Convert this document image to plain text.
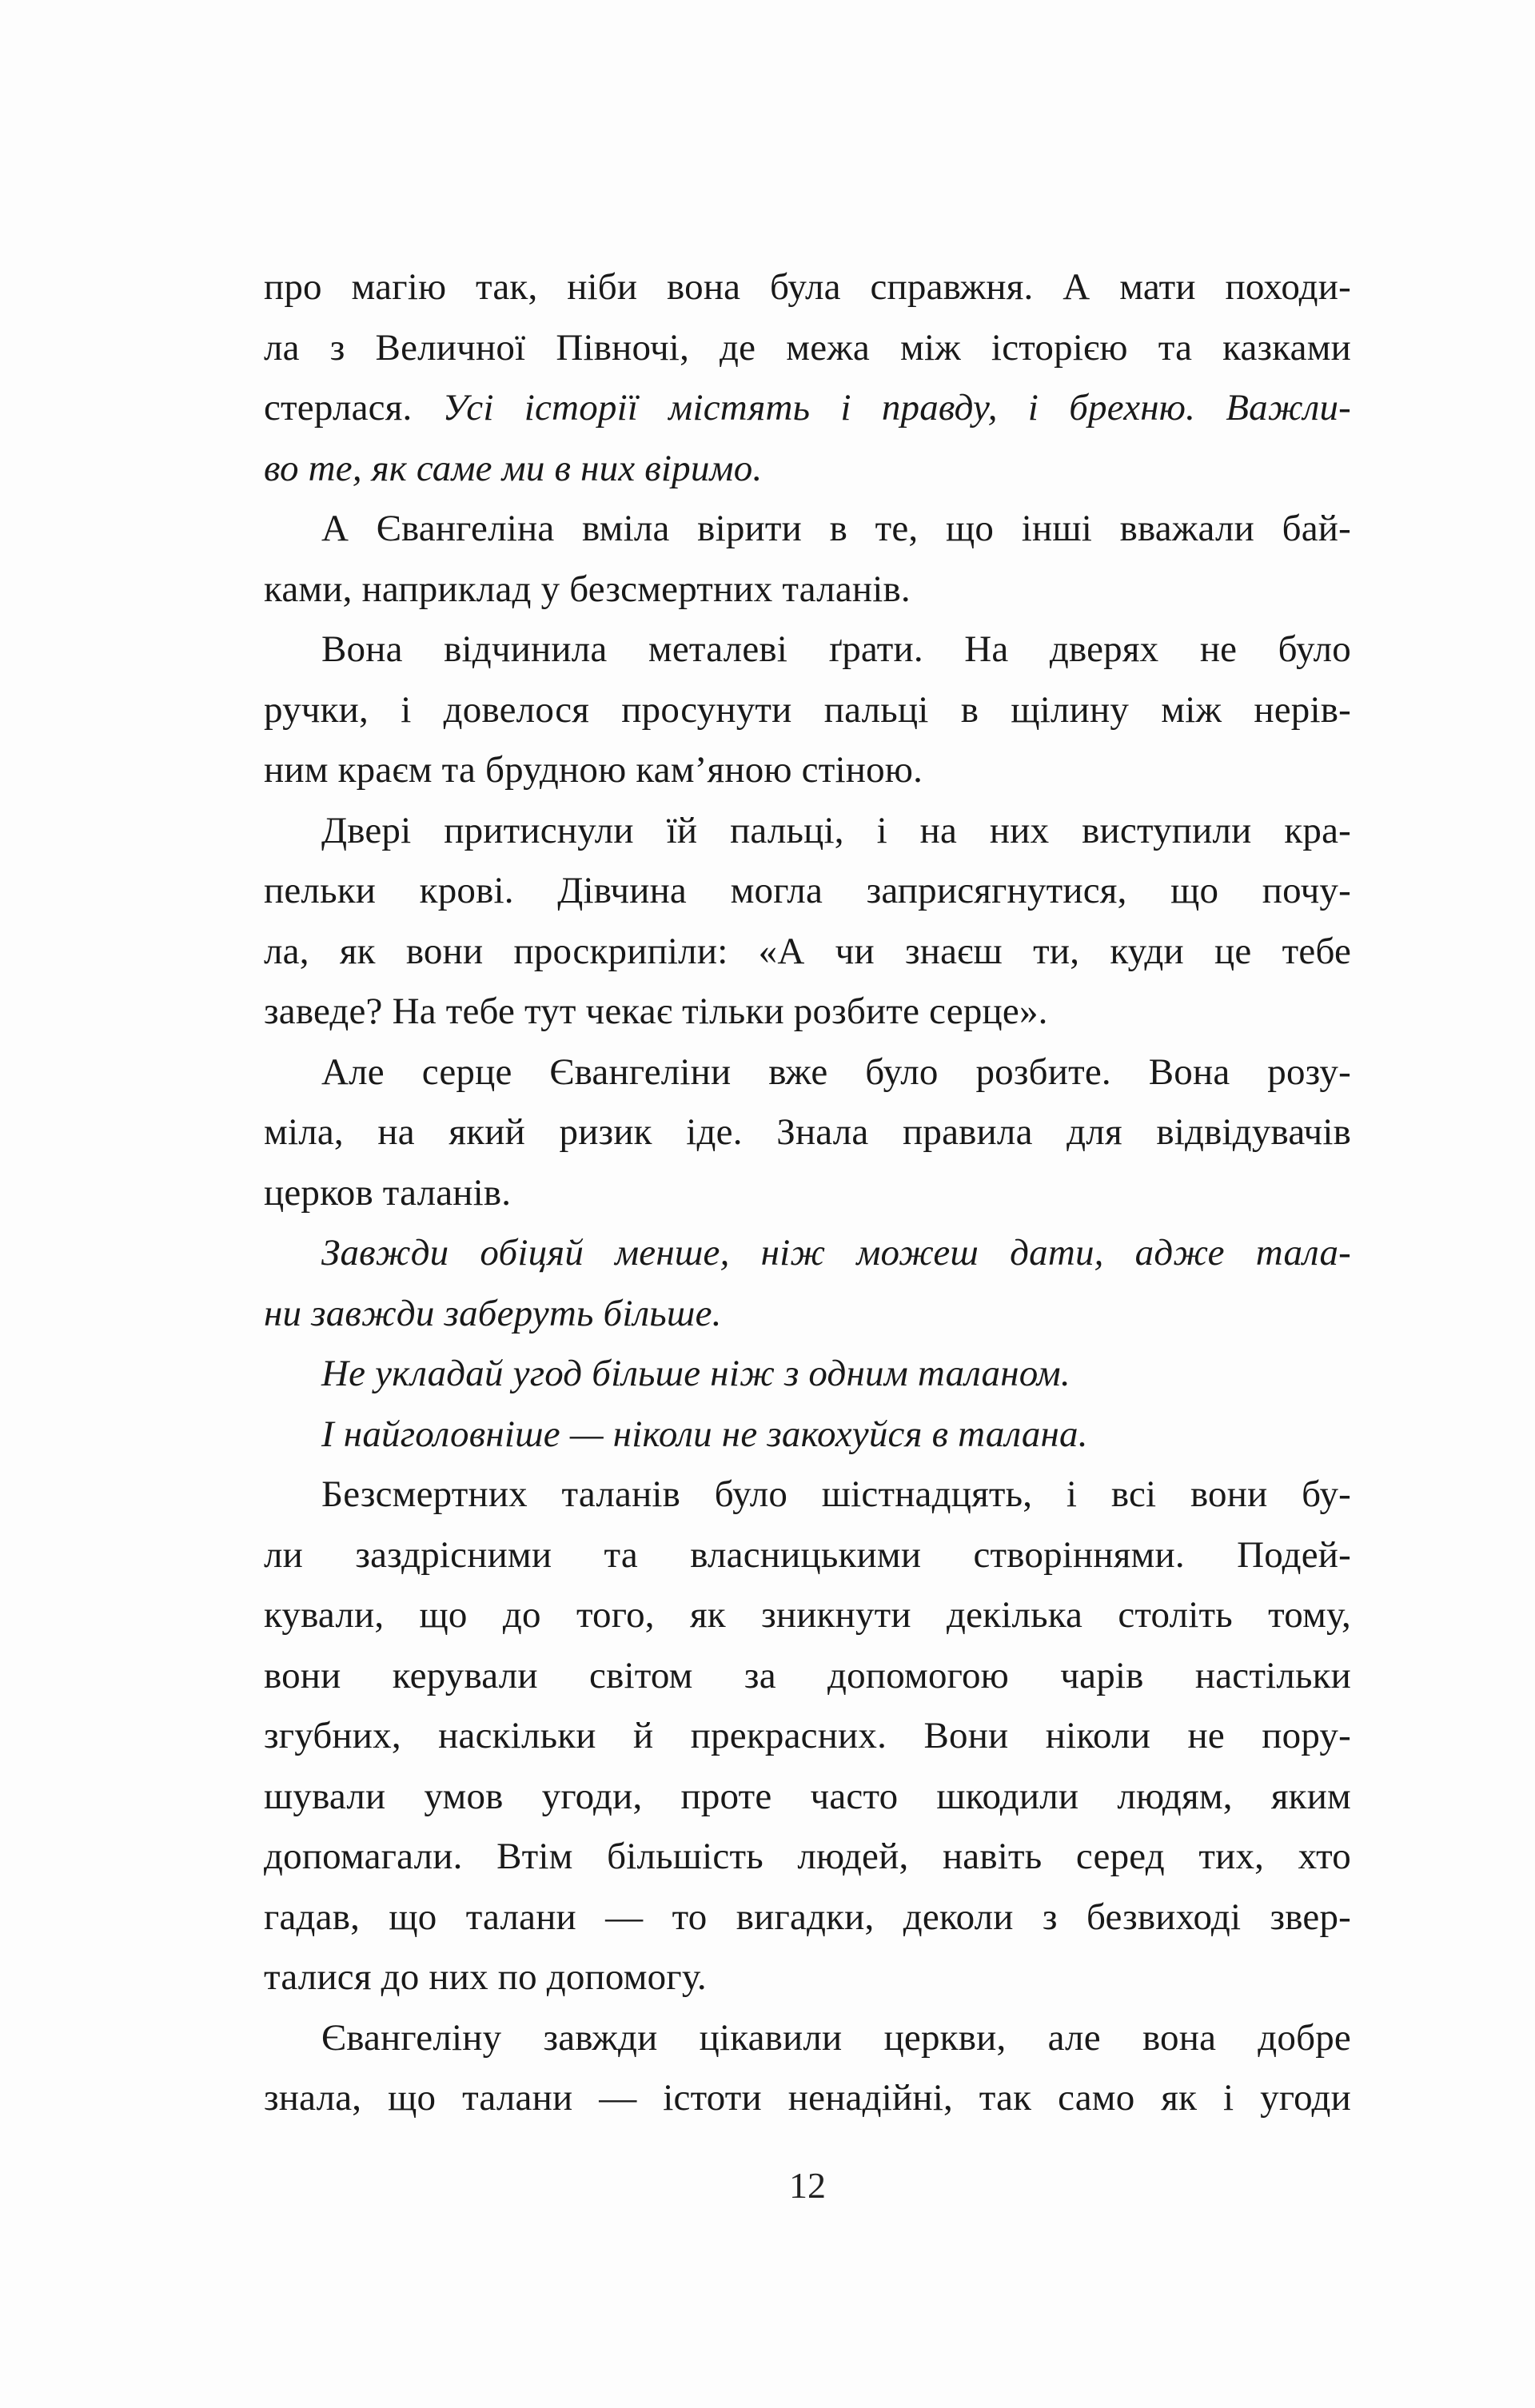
про магію так, ніби вона була справжня. А мати походи-
ла з Величної Півночі, де межа між історією та казками
стерлася. Усі історії містять і правду, і брехню. Важли-
во те, як саме ми в них віримо.
А Євангеліна вміла вірити в те, що інші вважали бай-
ками, наприклад у безсмертних таланів.
Вона відчинила металеві ґрати. На дверях не було
ручки, і довелося просунути пальці в щілину між нерів-
ним краєм та брудною кам’яною стіною.
Двері притиснули їй пальці, і на них виступили кра-
пельки крові. Дівчина могла заприсягнутися, що почу-
ла, як вони проскрипіли: «А чи знаєш ти, куди це тебе
заведе? На тебе тут чекає тільки розбите серце».
Але серце Євангеліни вже було розбите. Вона розу-
міла, на який ризик іде. Знала правила для відвідувачів
церков таланів.
Завжди обіцяй менше, ніж можеш дати, адже тала-
ни завжди заберуть більше.
Не укладай угод більше ніж з одним таланом.
І найголовніше — ніколи не закохуйся в талана.
Безсмертних таланів було шістнадцять, і всі вони бу-
ли заздрісними та власницькими створіннями. Подей-
кували, що до того, як зникнути декілька століть тому,
вони керували світом за допомогою чарів настільки
згубних, наскільки й прекрасних. Вони ніколи не пору-
шували умов угоди, проте часто шкодили людям, яким
допомагали. Втім більшість людей, навіть серед тих, хто
гадав, що талани — то вигадки, деколи з безвиході звер-
талися до них по допомогу.
Євангеліну завжди цікавили церкви, але вона добре
знала, що талани — істоти ненадійні, так само як і угоди
12
